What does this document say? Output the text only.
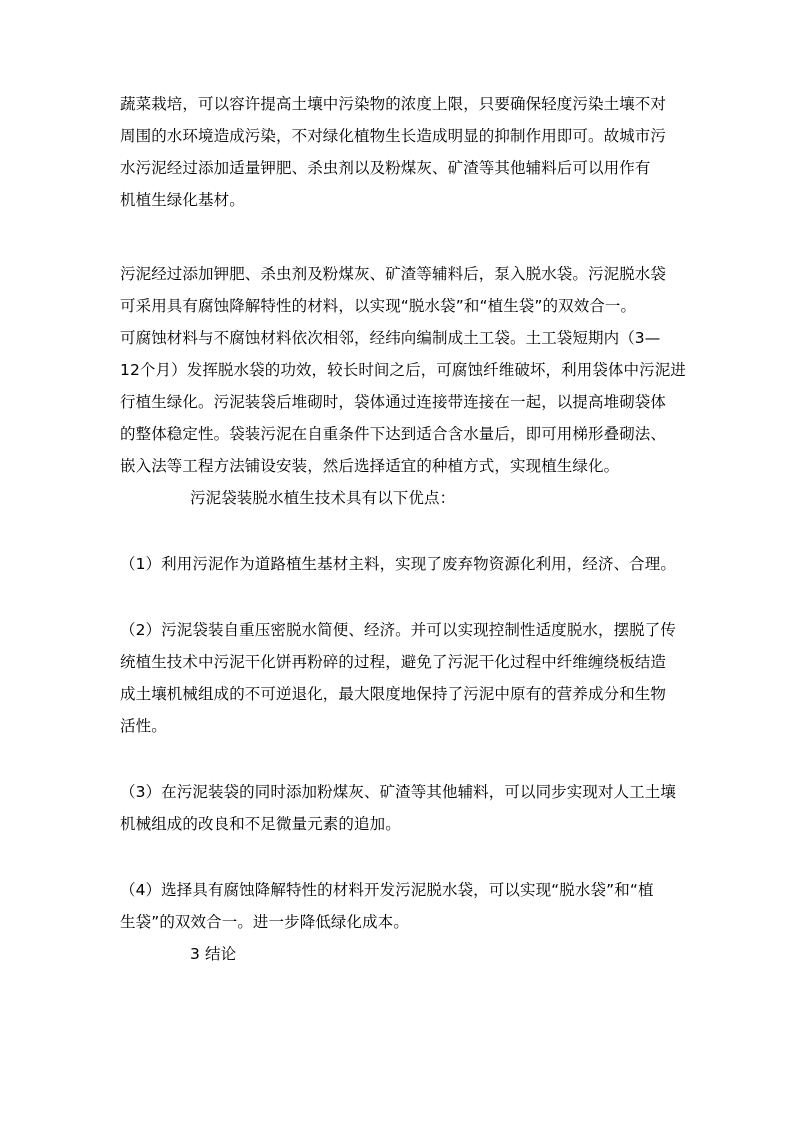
蔬菜栽培，可以容许提高土壤中污染物的浓度上限，只要确保轻度污染土壤不对
周围的水环境造成污染，不对绿化植物生长造成明显的抑制作用即可。故城市污
水污泥经过添加适量钾肥、杀虫剂以及粉煤灰、矿渣等其他辅料后可以用作有
机植生绿化基材。
污泥经过添加钾肥、杀虫剂及粉煤灰、矿渣等辅料后，泵入脱水袋。污泥脱水袋
可采用具有腐蚀降解特性的材料，以实现“脱水袋”和“植生袋”的双效合一。
可腐蚀材料与不腐蚀材料依次相邻，经纬向编制成土工袋。土工袋短期内（3—
12个月）发挥脱水袋的功效，较长时间之后，可腐蚀纤维破坏，利用袋体中污泥进
行植生绿化。污泥装袋后堆砌时，袋体通过连接带连接在一起，以提高堆砌袋体
的整体稳定性。袋装污泥在自重条件下达到适合含水量后，即可用梯形叠砌法、
嵌入法等工程方法铺设安装，然后选择适宜的种植方式，实现植生绿化。
污泥袋装脱水植生技术具有以下优点：
（1）利用污泥作为道路植生基材主料，实现了废弃物资源化利用，经济、合理。
（2）污泥袋装自重压密脱水简便、经济。并可以实现控制性适度脱水，摆脱了传
统植生技术中污泥干化饼再粉碎的过程，避免了污泥干化过程中纤维缠绕板结造
成土壤机械组成的不可逆退化，最大限度地保持了污泥中原有的营养成分和生物
活性。
（3）在污泥装袋的同时添加粉煤灰、矿渣等其他辅料，可以同步实现对人工土壤
机械组成的改良和不足微量元素的追加。
（4）选择具有腐蚀降解特性的材料开发污泥脱水袋，可以实现“脱水袋”和“植
生袋”的双效合一。进一步降低绿化成本。
3 结论
